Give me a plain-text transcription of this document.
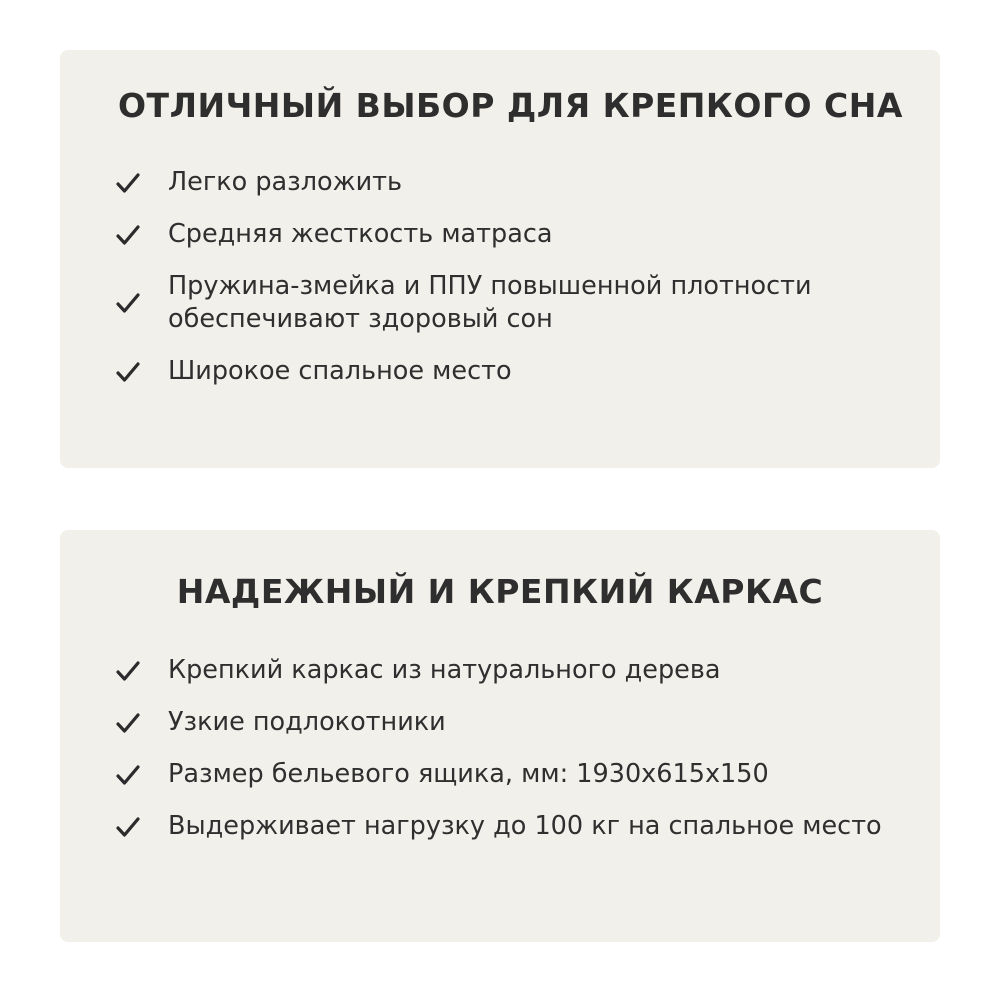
ОТЛИЧНЫЙ ВЫБОР ДЛЯ КРЕПКОГО СНА
Легко разложить
Средняя жесткость матраса
Пружина-змейка и ППУ повышенной плотности
обеспечивают здоровый сон
Широкое спальное место
НАДЕЖНЫЙ И КРЕПКИЙ КАРКАС
Крепкий каркас из натурального дерева
Узкие подлокотники
Размер бельевого ящика, мм: 1930x615x150
Выдерживает нагрузку до 100 кг на спальное место
